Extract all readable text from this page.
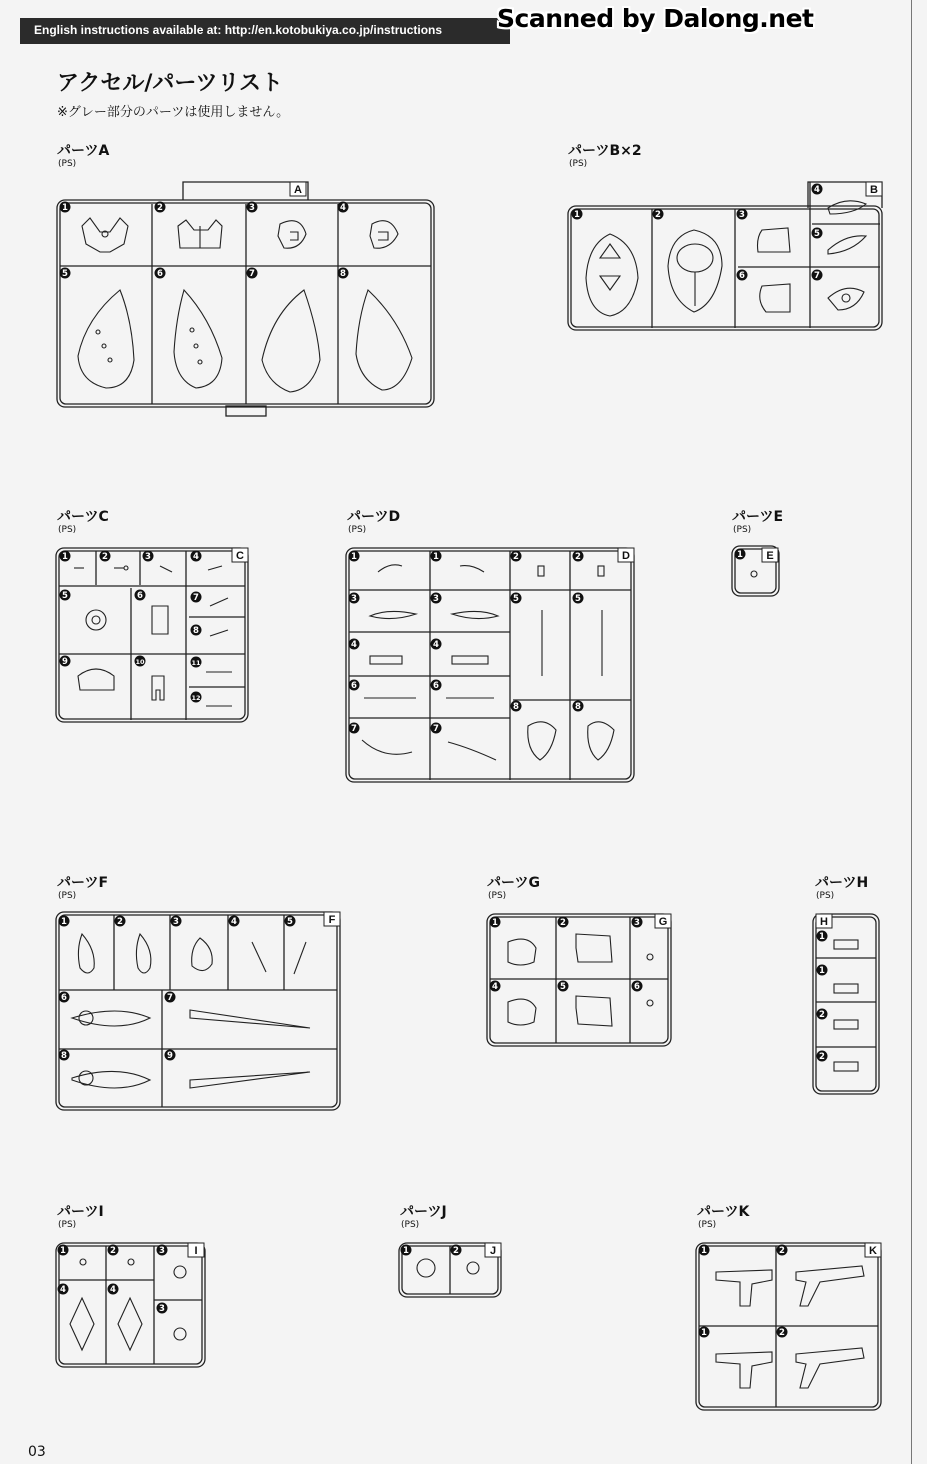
English instructions available at: http://en.kotobukiya.co.jp/instructions Scanned by Dalong.net
アクセル/パーツリスト
※グレー部分のパーツは使用しません。
パーツA
(PS)
パーツB×2
(PS)
パーツC
(PS)
パーツD
(PS)
パーツE
(PS)
パーツF
(PS)
パーツG
(PS)
パーツH
(PS)
パーツI
(PS)
パーツJ
(PS)
パーツK
(PS)
03
A	B
C	D	E
F	G	H
I	J	K
1	2	3	4
5	6	7	8
1	2	3
4
5
6	7
1	2	3	4
5	6	7
8
9	10	11
12
1	1	2	2
3	3	5	5
4	4
6	6
7	7
8	8
1
1	2	3	4	5
6	7
8	9
1	2	3
4	5	6
1
1
2
2
1	2	3
4	4
3
1	2	1	2
1	2
